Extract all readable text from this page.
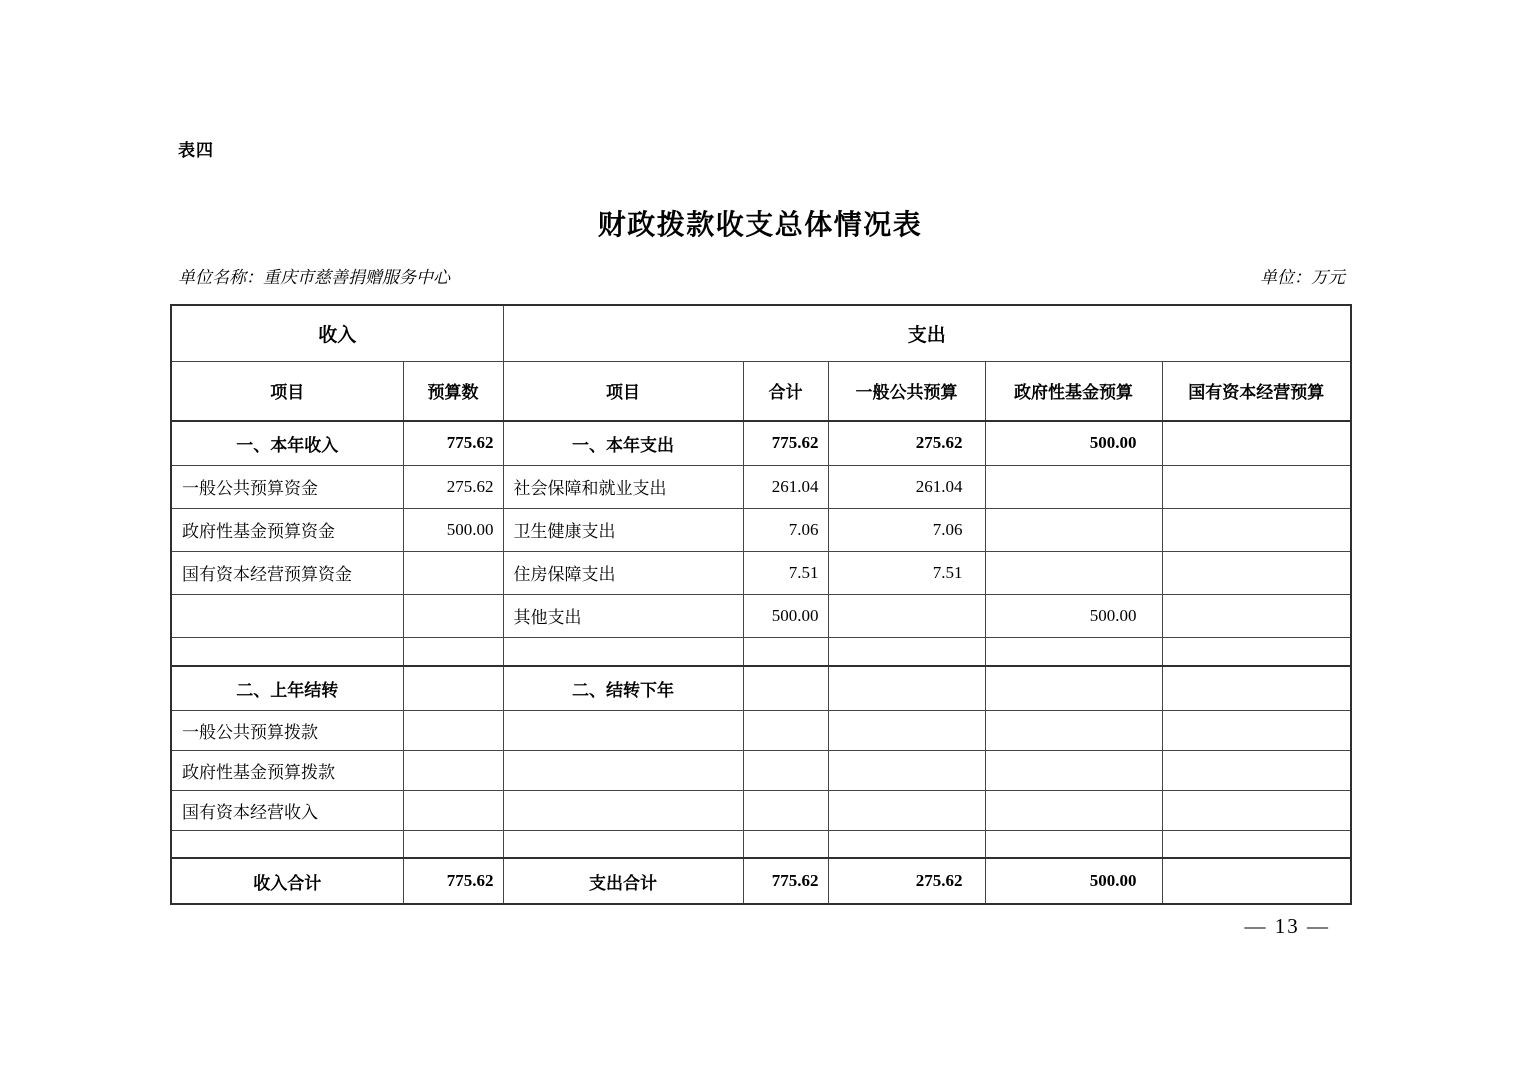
表四
财政拨款收支总体情况表
单位名称：重庆市慈善捐赠服务中心	单位：万元
收入		支出				
项目	预算数	项目	合计	一般公共预算	政府性基金预算	国有资本经营预算
一、本年收入	775.62	一、本年支出	775.62	275.62	500.00	
一般公共预算资金	275.62	社会保障和就业支出	261.04	261.04		
政府性基金预算资金	500.00	卫生健康支出	7.06	7.06		
国有资本经营预算资金		住房保障支出	7.51	7.51		
		其他支出	500.00		500.00	

二、上年结转		二、结转下年				
一般公共预算拨款						
政府性基金预算拨款						
国有资本经营收入						

收入合计	775.62	支出合计	775.62	275.62	500.00	
— 13 —
